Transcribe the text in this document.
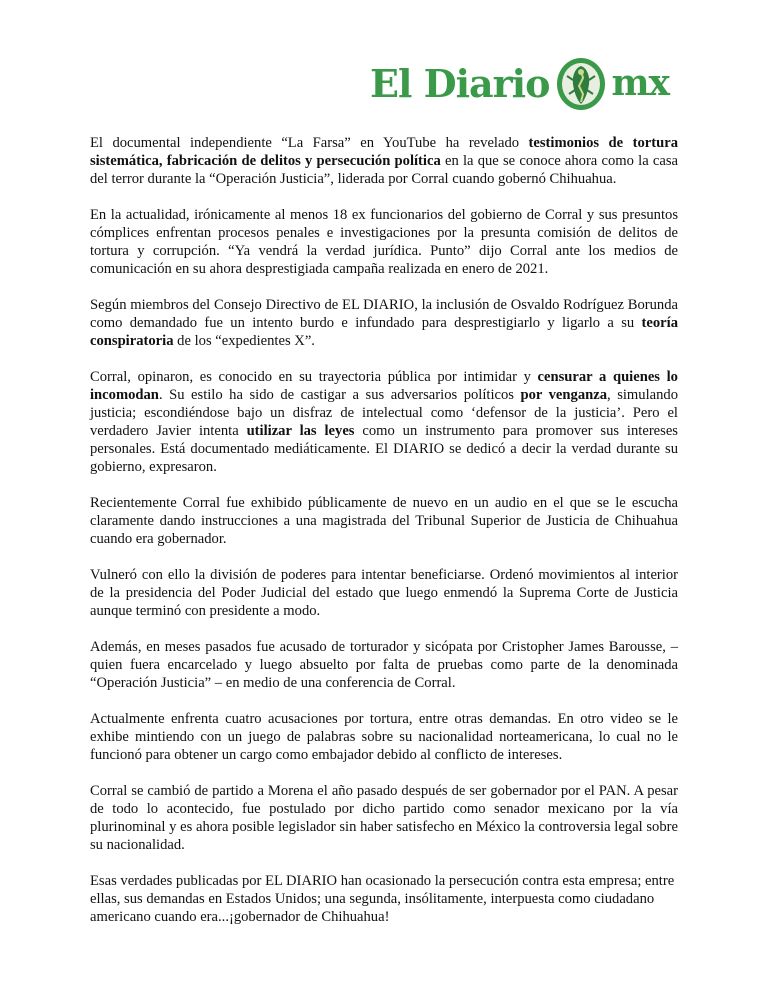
El Diario mx

El documental independiente “La Farsa” en YouTube ha revelado testimonios de tortura sistemática, fabricación de delitos y persecución política en la que se conoce ahora como la casa del terror durante la “Operación Justicia”, liderada por Corral cuando gobernó Chihuahua.

En la actualidad, irónicamente al menos 18 ex funcionarios del gobierno de Corral y sus presuntos cómplices enfrentan procesos penales e investigaciones por la presunta comisión de delitos de tortura y corrupción. “Ya vendrá la verdad jurídica. Punto” dijo Corral ante los medios de comunicación en su ahora desprestigiada campaña realizada en enero de 2021.

Según miembros del Consejo Directivo de EL DIARIO, la inclusión de Osvaldo Rodríguez Borunda como demandado fue un intento burdo e infundado para desprestigiarlo y ligarlo a su teoría conspiratoria de los “expedientes X”.

Corral, opinaron, es conocido en su trayectoria pública por intimidar y censurar a quienes lo incomodan. Su estilo ha sido de castigar a sus adversarios políticos por venganza, simulando justicia; escondiéndose bajo un disfraz de intelectual como ‘defensor de la justicia’. Pero el verdadero Javier intenta utilizar las leyes como un instrumento para promover sus intereses personales. Está documentado mediáticamente. El DIARIO se dedicó a decir la verdad durante su gobierno, expresaron.

Recientemente Corral fue exhibido públicamente de nuevo en un audio en el que se le escucha claramente dando instrucciones a una magistrada del Tribunal Superior de Justicia de Chihuahua cuando era gobernador.

Vulneró con ello la división de poderes para intentar beneficiarse. Ordenó movimientos al interior de la presidencia del Poder Judicial del estado que luego enmendó la Suprema Corte de Justicia aunque terminó con presidente a modo.

Además, en meses pasados fue acusado de torturador y sicópata por Cristopher James Barousse, – quien fuera encarcelado y luego absuelto por falta de pruebas como parte de la denominada “Operación Justicia” – en medio de una conferencia de Corral.

Actualmente enfrenta cuatro acusaciones por tortura, entre otras demandas. En otro video se le exhibe mintiendo con un juego de palabras sobre su nacionalidad norteamericana, lo cual no le funcionó para obtener un cargo como embajador debido al conflicto de intereses.

Corral se cambió de partido a Morena el año pasado después de ser gobernador por el PAN. A pesar de todo lo acontecido, fue postulado por dicho partido como senador mexicano por la vía plurinominal y es ahora posible legislador sin haber satisfecho en México la controversia legal sobre su nacionalidad.

Esas verdades publicadas por EL DIARIO han ocasionado la persecución contra esta empresa; entre ellas, sus demandas en Estados Unidos; una segunda, insólitamente, interpuesta como ciudadano americano cuando era...¡gobernador de Chihuahua!
